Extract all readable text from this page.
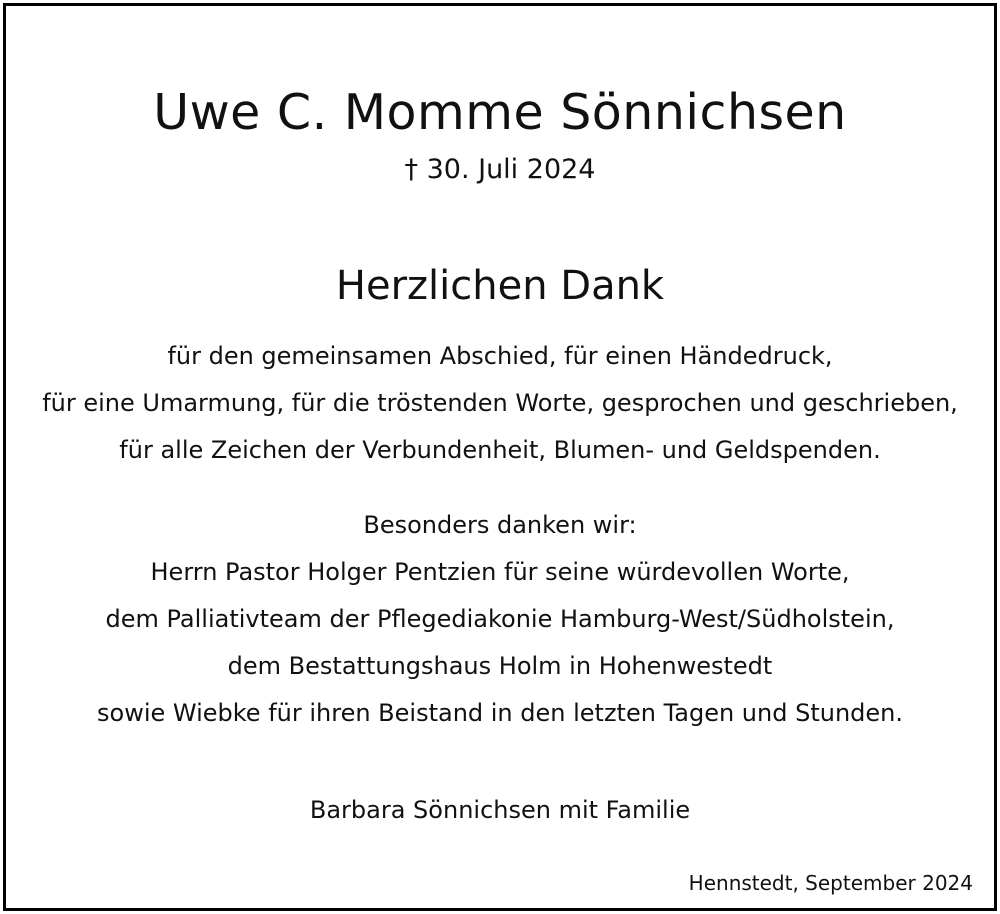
Uwe C. Momme Sönnichsen
† 30. Juli 2024
Herzlichen Dank
für den gemeinsamen Abschied, für einen Händedruck,
für eine Umarmung, für die tröstenden Worte, gesprochen und geschrieben,
für alle Zeichen der Verbundenheit, Blumen- und Geldspenden.
Besonders danken wir:
Herrn Pastor Holger Pentzien für seine würdevollen Worte,
dem Palliativteam der Pflegediakonie Hamburg-West/Südholstein,
dem Bestattungshaus Holm in Hohenwestedt
sowie Wiebke für ihren Beistand in den letzten Tagen und Stunden.
Barbara Sönnichsen mit Familie
Hennstedt, September 2024
